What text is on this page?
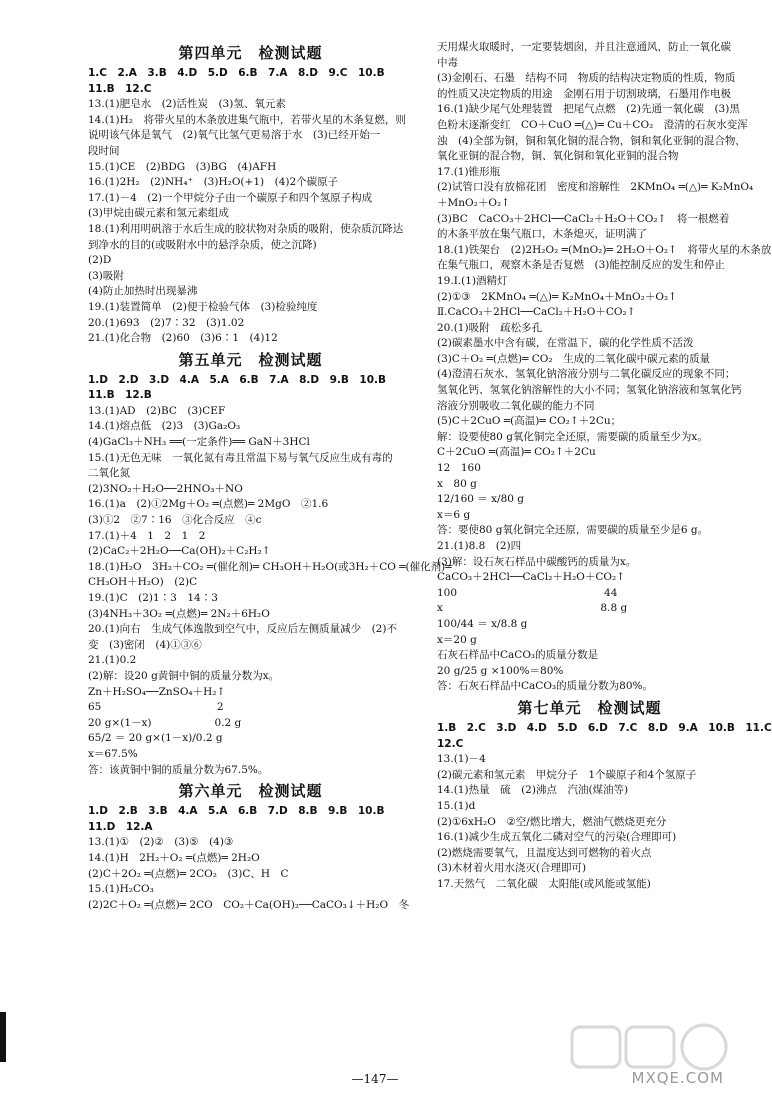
第四单元　检测试题
1.C　2.A　3.B　4.D　5.D　6.B　7.A　8.D　9.C　10.B
11.B　12.C
13.(1)肥皂水　(2)活性炭　(3)氢、氧元素
14.(1)H₂　将带火星的木条放进集气瓶中，若带火星的木条复燃，则
说明该气体是氧气　(2)氧气比氢气更易溶于水　(3)已经开始一
段时间
15.(1)CE　(2)BDG　(3)BG　(4)AFH
16.(1)2H₂　(2)NH₄⁺　(3)H₂O(+1)　(4)2个碳原子
17.(1)－4　(2)一个甲烷分子由一个碳原子和四个氢原子构成
(3)甲烷由碳元素和氢元素组成
18.(1)利用明矾溶于水后生成的胶状物对杂质的吸附，使杂质沉降达
到净水的目的(或吸附水中的悬浮杂质，使之沉降)
(2)D
(3)吸附
(4)防止加热时出现暴沸
19.(1)装置简单　(2)便于检验气体　(3)检验纯度
20.(1)693　(2)7∶32　(3)1.02
21.(1)化合物　(2)60　(3)6∶1　(4)12
第五单元　检测试题
1.D　2.D　3.D　4.A　5.A　6.B　7.A　8.D　9.B　10.B
11.B　12.B
13.(1)AD　(2)BC　(3)CEF
14.(1)熔点低　(2)3　(3)Ga₂O₃
(4)GaCl₃＋NH₃ ══(一定条件)══ GaN＋3HCl
15.(1)无色无味　一氧化氮有毒且常温下易与氧气反应生成有毒的
二氧化氮
(2)3NO₂＋H₂O──2HNO₃＋NO
16.(1)a　(2)①2Mg＋O₂ ═(点燃)═ 2MgO　②1.6
(3)①2　②7∶16　③化合反应　④c
17.(1)＋4　1　2　1　2
(2)CaC₂＋2H₂O──Ca(OH)₂＋C₂H₂↑
18.(1)H₂O　3H₂＋CO₂ ═(催化剂)═ CH₃OH＋H₂O(或3H₂＋CO ═(催化剂)═
CH₃OH＋H₂O)　(2)C
19.(1)C　(2)1∶3　14∶3
(3)4NH₃＋3O₂ ═(点燃)═ 2N₂＋6H₂O
20.(1)向右　生成气体逸散到空气中，反应后左侧质量减少　(2)不
变　(3)密闭　(4)①③⑥
21.(1)0.2
(2)解：设20 g黄铜中铜的质量分数为x。
Zn＋H₂SO₄──ZnSO₄＋H₂↑
65　　　　　　　　　　　2
20 g×(1－x)　　　　　　0.2 g
65/2 ＝ 20 g×(1－x)/0.2 g
x＝67.5%
答：该黄铜中铜的质量分数为67.5%。
第六单元　检测试题
1.D　2.B　3.B　4.A　5.A　6.B　7.D　8.B　9.B　10.B
11.D　12.A
13.(1)①　(2)②　(3)⑤　(4)③
14.(1)H　2H₂＋O₂ ═(点燃)═ 2H₂O
(2)C＋2O₂ ═(点燃)═ 2CO₂　(3)C、H　C
15.(1)H₂CO₃
(2)2C＋O₂ ═(点燃)═ 2CO　CO₂＋Ca(OH)₂──CaCO₃↓＋H₂O　冬
天用煤火取暖时，一定要装烟囱，并且注意通风，防止一氧化碳
中毒
(3)金刚石、石墨　结构不同　物质的结构决定物质的性质，物质
的性质又决定物质的用途　金刚石用于切割玻璃，石墨用作电极
16.(1)缺少尾气处理装置　把尾气点燃　(2)先通一氧化碳　(3)黑
色粉末逐渐变红　CO＋CuO ═(△)═ Cu＋CO₂　澄清的石灰水变浑
浊　(4)全部为铜，铜和氧化铜的混合物，铜和氧化亚铜的混合物，
氧化亚铜的混合物，铜、氧化铜和氧化亚铜的混合物
17.(1)锥形瓶
(2)试管口没有放棉花团　密度和溶解性　2KMnO₄ ═(△)═ K₂MnO₄
＋MnO₂＋O₂↑
(3)BC　CaCO₃＋2HCl──CaCl₂＋H₂O＋CO₂↑　将一根燃着
的木条平放在集气瓶口，木条熄灭，证明满了
18.(1)铁架台　(2)2H₂O₂ ═(MnO₂)═ 2H₂O＋O₂↑　将带火星的木条放
在集气瓶口，观察木条是否复燃　(3)能控制反应的发生和停止
19.Ⅰ.(1)酒精灯
(2)①③　2KMnO₄ ═(△)═ K₂MnO₄＋MnO₂＋O₂↑
Ⅱ.CaCO₃＋2HCl──CaCl₂＋H₂O＋CO₂↑
20.(1)吸附　疏松多孔
(2)碳素墨水中含有碳，在常温下，碳的化学性质不活泼
(3)C＋O₂ ═(点燃)═ CO₂　生成的二氧化碳中碳元素的质量
(4)澄清石灰水、氢氧化钠溶液分别与二氧化碳反应的现象不同；
氢氧化钙、氢氧化钠溶解性的大小不同；氢氧化钠溶液和氢氧化钙
溶液分别吸收二氧化碳的能力不同
(5)C＋2CuO ═(高温)═ CO₂↑＋2Cu；
解：设要使80 g氧化铜完全还原，需要碳的质量至少为x。
C＋2CuO ═(高温)═ CO₂↑＋2Cu
12　160
x　80 g
12/160 ＝ x/80 g
x＝6 g
答：要使80 g氧化铜完全还原，需要碳的质量至少是6 g。
21.(1)8.8　(2)四
(3)解：设石灰石样品中碳酸钙的质量为x。
CaCO₃＋2HCl──CaCl₂＋H₂O＋CO₂↑
100　　　　　　　　　　　　　　44
x　　　　　　　　　　　　　　　8.8 g
100/44 ＝ x/8.8 g
x＝20 g
石灰石样品中CaCO₃的质量分数是
20 g/25 g ×100%＝80%
答：石灰石样品中CaCO₃的质量分数为80%。
第七单元　检测试题
1.B　2.C　3.D　4.D　5.D　6.D　7.C　8.D　9.A　10.B　11.C
12.C
13.(1)－4
(2)碳元素和氢元素　甲烷分子　1个碳原子和4个氢原子
14.(1)热量　硫　(2)沸点　汽油(煤油等)
15.(1)d
(2)①6xH₂O　②空/燃比增大，燃油气燃烧更充分
16.(1)减少生成五氧化二磷对空气的污染(合理即可)
(2)燃烧需要氧气，且温度达到可燃物的着火点
(3)木材着火用水浇灭(合理即可)
17.天然气　二氧化碳　太阳能(或风能或氢能)
—147—	MXQE.COM
